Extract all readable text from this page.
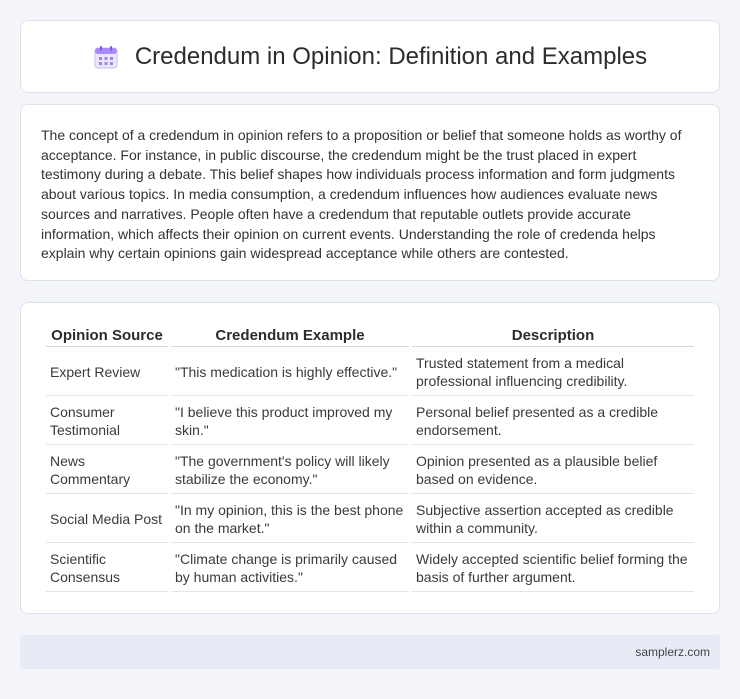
Credendum in Opinion: Definition and Examples

The concept of a credendum in opinion refers to a proposition or belief that someone holds as worthy of acceptance. For instance, in public discourse, the credendum might be the trust placed in expert testimony during a debate. This belief shapes how individuals process information and form judgments about various topics. In media consumption, a credendum influences how audiences evaluate news sources and narratives. People often have a credendum that reputable outlets provide accurate information, which affects their opinion on current events. Understanding the role of credenda helps explain why certain opinions gain widespread acceptance while others are contested.

Opinion Source	Credendum Example	Description
Expert Review	"This medication is highly effective."	Trusted statement from a medical professional influencing credibility.
Consumer Testimonial	"I believe this product improved my skin."	Personal belief presented as a credible endorsement.
News Commentary	"The government's policy will likely stabilize the economy."	Opinion presented as a plausible belief based on evidence.
Social Media Post	"In my opinion, this is the best phone on the market."	Subjective assertion accepted as credible within a community.
Scientific Consensus	"Climate change is primarily caused by human activities."	Widely accepted scientific belief forming the basis of further argument.
samplerz.com
